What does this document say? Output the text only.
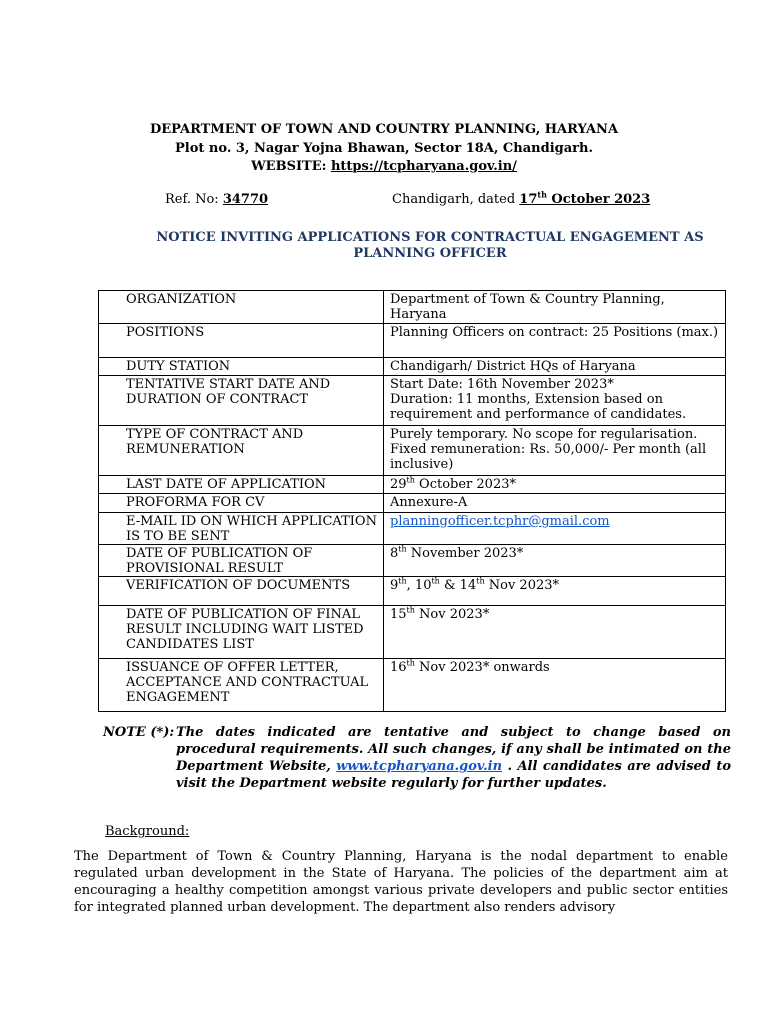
DEPARTMENT OF TOWN AND COUNTRY PLANNING, HARYANA
Plot no. 3, Nagar Yojna Bhawan, Sector 18A, Chandigarh.
WEBSITE: https://tcpharyana.gov.in/
Ref. No: 34770	Chandigarh, dated 17th October 2023
NOTICE INVITING APPLICATIONS FOR CONTRACTUAL ENGAGEMENT AS
PLANNING OFFICER
ORGANIZATION	Department of Town & Country Planning, Haryana
POSITIONS	Planning Officers on contract: 25 Positions (max.)
DUTY STATION	Chandigarh/ District HQs of Haryana
TENTATIVE START DATE AND DURATION OF CONTRACT	Start Date: 16th November 2023*
Duration: 11 months, Extension based on requirement and performance of candidates.

TYPE OF CONTRACT AND REMUNERATION	Purely temporary. No scope for regularisation.
Fixed remuneration: Rs. 50,000/- Per month (all inclusive)

LAST DATE OF APPLICATION	29th October 2023*
PROFORMA FOR CV	Annexure-A
E-MAIL ID ON WHICH APPLICATION IS TO BE SENT	planningofficer.tcphr@gmail.com
DATE OF PUBLICATION OF PROVISIONAL RESULT	8th November 2023*
VERIFICATION OF DOCUMENTS	9th, 10th & 14th Nov 2023*
DATE OF PUBLICATION OF FINAL RESULT INCLUDING WAIT LISTED CANDIDATES LIST	15th Nov 2023*
ISSUANCE OF OFFER LETTER, ACCEPTANCE AND CONTRACTUAL ENGAGEMENT	16th Nov 2023* onwards
NOTE (*): The dates indicated are tentative and subject to change based on procedural requirements. All such changes, if any shall be intimated on the Department Website, www.tcpharyana.gov.in . All candidates are advised to visit the Department website regularly for further updates.
Background:
The Department of Town & Country Planning, Haryana is the nodal department to enable regulated urban development in the State of Haryana. The policies of the department aim at encouraging a healthy competition amongst various private developers and public sector entities for integrated planned urban development. The department also renders advisory
